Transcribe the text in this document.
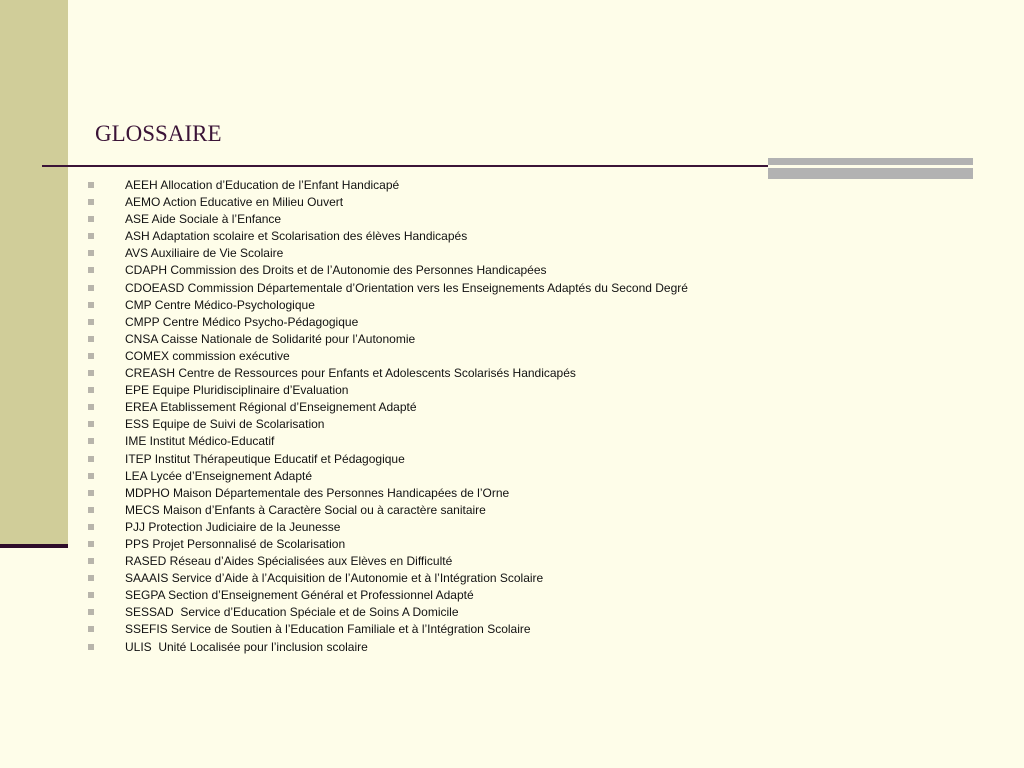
GLOSSAIRE
AEEH Allocation d’Education de l’Enfant Handicapé
AEMO Action Educative en Milieu Ouvert
ASE Aide Sociale à l’Enfance
ASH Adaptation scolaire et Scolarisation des élèves Handicapés
AVS Auxiliaire de Vie Scolaire
CDAPH Commission des Droits et de l’Autonomie des Personnes Handicapées
CDOEASD Commission Départementale d’Orientation vers les Enseignements Adaptés du Second Degré
CMP Centre Médico-Psychologique
CMPP Centre Médico Psycho-Pédagogique
CNSA Caisse Nationale de Solidarité pour l’Autonomie
COMEX commission exécutive
CREASH Centre de Ressources pour Enfants et Adolescents Scolarisés Handicapés
EPE Equipe Pluridisciplinaire d’Evaluation
EREA Etablissement Régional d’Enseignement Adapté
ESS Equipe de Suivi de Scolarisation
IME Institut Médico-Educatif
ITEP Institut Thérapeutique Educatif et Pédagogique
LEA Lycée d’Enseignement Adapté
MDPHO Maison Départementale des Personnes Handicapées de l’Orne
MECS Maison d’Enfants à Caractère Social ou à caractère sanitaire
PJJ Protection Judiciaire de la Jeunesse
PPS Projet Personnalisé de Scolarisation
RASED Réseau d’Aides Spécialisées aux Elèves en Difficulté
SAAAIS Service d’Aide à l’Acquisition de l’Autonomie et à l’Intégration Scolaire
SEGPA Section d’Enseignement Général et Professionnel Adapté
SESSAD  Service d’Education Spéciale et de Soins A Domicile
SSEFIS Service de Soutien à l’Education Familiale et à l’Intégration Scolaire
ULIS  Unité Localisée pour l’inclusion scolaire
